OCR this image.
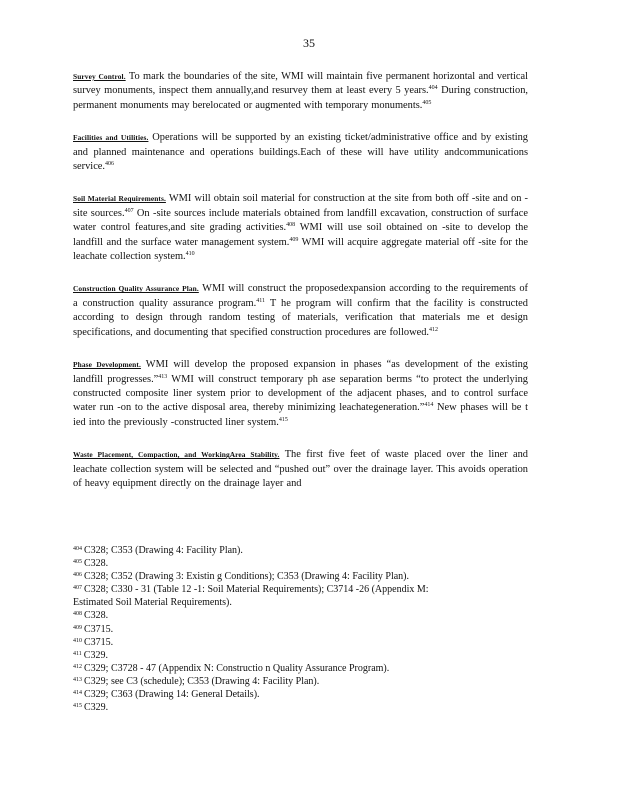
35

Survey Control. To mark the boundaries of the site, WMI will maintain five permanent horizontal and vertical survey monuments, inspect them annually,and resurvey them at least every 5 years.$^{404}$ During construction, permanent monuments may berelocated or augmented with temporary monuments.$^{405}$

Facilities and Utilities. Operations will be supported by an existing ticket/administrative office and by existing and planned maintenance and operations buildings.Each of these will have utility andcommunications service.$^{406}$

Soil Material Requirements. WMI will obtain soil material for construction at the site from both off -site and on -site sources.$^{407}$ On -site sources include materials obtained from landfill excavation, construction of surface water control features,and site grading activities.$^{408}$ WMI will use soil obtained on -site to develop the landfill and the surface water management system.$^{409}$ WMI will acquire aggregate material off -site for the leachate collection system.$^{410}$

Construction Quality Assurance Plan. WMI will construct the proposedexpansion according to the requirements of a construction quality assurance program.$^{411}$ T he program will confirm that the facility is constructed according to design through random testing of materials, verification that materials me et design specifications, and documenting that specified construction procedures are followed.$^{412}$

Phase Development. WMI will develop the proposed expansion in phases “as development of the existing landfill progresses.”$^{413}$ WMI will construct temporary ph ase separation berms “to protect the underlying constructed composite liner system prior to development of the adjacent phases, and to control surface water run -on to the active disposal area, thereby minimizing leachategeneration.”$^{414}$ New phases will be t ied into the previously -constructed liner system.$^{415}$

Waste Placement, Compaction, and WorkingArea Stability. The first five feet of waste placed over the liner and leachate collection system will be selected and “pushed out” over the drainage layer. This avoids operation of heavy equipment directly on the drainage layer and

$^{404}$ C328; C353 (Drawing 4: Facility Plan).

$^{405}$ C328.

$^{406}$ C328; C352 (Drawing 3: Existin g Conditions); C353 (Drawing 4: Facility Plan).

$^{407}$ C328; C330 - 31 (Table 12 -1: Soil Material Requirements); C3714 -26 (Appendix M:

Estimated Soil Material Requirements).

$^{408}$ C328.

$^{409}$ C3715.

$^{410}$ C3715.

$^{411}$ C329.

$^{412}$ C329; C3728 - 47 (Appendix N: Constructio n Quality Assurance Program).

$^{413}$ C329; see C3 (schedule); C353 (Drawing 4: Facility Plan).

$^{414}$ C329; C363 (Drawing 14: General Details).

$^{415}$ C329.
